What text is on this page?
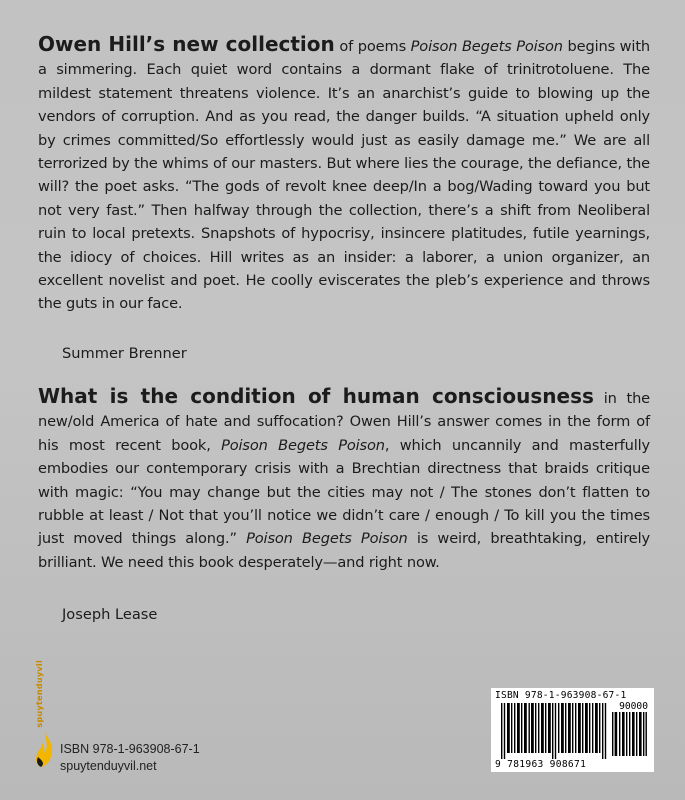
Owen Hill’s new collection of poems Poison Begets Poison begins with a simmering. Each quiet word contains a dormant flake of trinitrotoluene. The mildest statement threatens violence. It’s an anarchist’s guide to blowing up the vendors of corruption. And as you read, the danger builds. “A situation upheld only by crimes committed/So effortlessly would just as easily damage me.” We are all terrorized by the whims of our masters. But where lies the courage, the defiance, the will? the poet asks. “The gods of revolt knee deep/In a bog/Wading toward you but not very fast.” Then halfway through the collection, there’s a shift from Neoliberal ruin to local pretexts. Snapshots of hypocrisy, insincere platitudes, futile yearnings, the idiocy of choices. Hill writes as an insider: a laborer, a union organizer, an excellent novelist and poet. He coolly eviscerates the pleb’s experience and throws the guts in our face.

Summer Brenner

What is the condition of human consciousness in the new/old America of hate and suffocation? Owen Hill’s answer comes in the form of his most recent book, Poison Begets Poison, which uncannily and masterfully embodies our contemporary crisis with a Brechtian directness that braids critique with magic: “You may change but the cities may not / The stones don’t flatten to rubble at least / Not that you’ll notice we didn’t care / enough / To kill you the times just moved things along.” Poison Begets Poison is weird, breathtaking, entirely brilliant. We need this book desperately—and right now.

Joseph Lease
spuytenduyvil
ISBN 978-1-963908-67-1
spuytenduyvil.net
ISBN 978-1-963908-67-1
90000
9 781963 908671
